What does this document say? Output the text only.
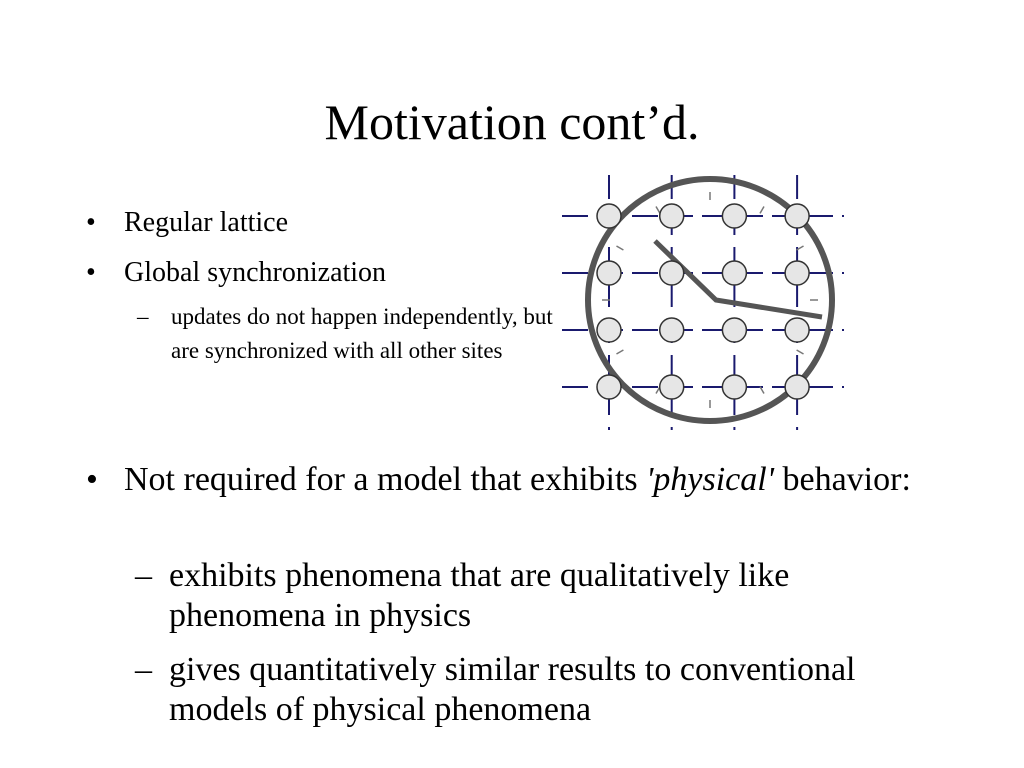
Motivation cont’d.
•	Regular lattice
•	Global synchronization
– updates do not happen independently, but are synchronized with all other sites
• Not required for a model that exhibits 'physical' behavior:
– exhibits phenomena that are qualitatively like phenomena in physics
– gives quantitatively similar results to conventional models of physical phenomena
